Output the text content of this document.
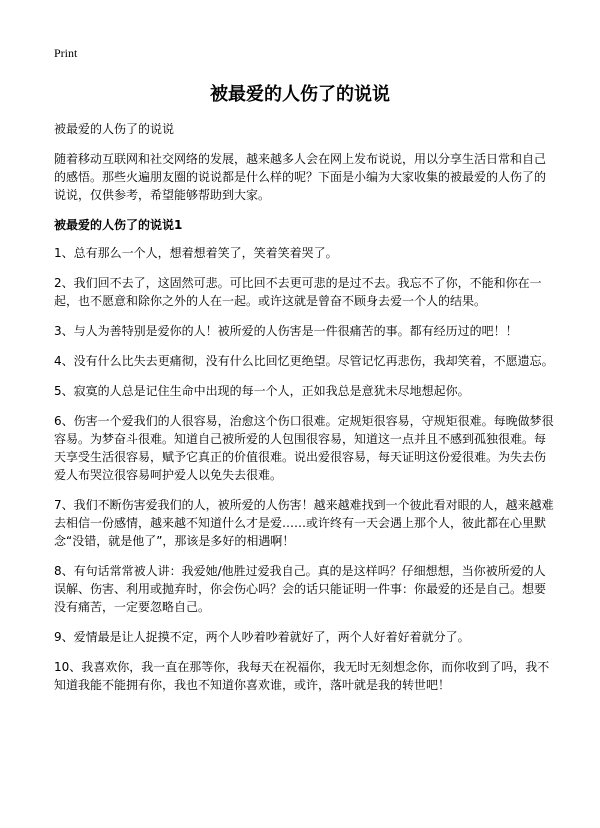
Print
被最爱的人伤了的说说

被最爱的人伤了的说说

随着移动互联网和社交网络的发展，越来越多人会在网上发布说说，用以分享生活日常和自己的感悟。那些火遍朋友圈的说说都是什么样的呢？下面是小编为大家收集的被最爱的人伤了的说说，仅供参考，希望能够帮助到大家。

被最爱的人伤了的说说1

1、总有那么一个人，想着想着笑了，笑着笑着哭了。

2、我们回不去了，这固然可悲。可比回不去更可悲的是过不去。我忘不了你，不能和你在一起，也不愿意和除你之外的人在一起。或许这就是曾奋不顾身去爱一个人的结果。

3、与人为善特别是爱你的人！被所爱的人伤害是一件很痛苦的事。都有经历过的吧！！

4、没有什么比失去更痛彻，没有什么比回忆更绝望。尽管记忆再悲伤，我却笑着，不愿遗忘。

5、寂寞的人总是记住生命中出现的每一个人，正如我总是意犹未尽地想起你。

6、伤害一个爱我们的人很容易，治愈这个伤口很难。定规矩很容易，守规矩很难。每晚做梦很容易。为梦奋斗很难。知道自己被所爱的人包围很容易，知道这一点并且不感到孤独很难。每天享受生活很容易，赋予它真正的价值很难。说出爱很容易，每天证明这份爱很难。为失去伤爱人布哭泣很容易呵护爱人以免失去很难。

7、我们不断伤害爱我们的人，被所爱的人伤害！越来越难找到一个彼此看对眼的人，越来越难去相信一份感情，越来越不知道什么才是爱……或许终有一天会遇上那个人，彼此都在心里默念“没错，就是他了”，那该是多好的相遇啊！

8、有句话常常被人讲：我爱她/他胜过爱我自己。真的是这样吗？仔细想想，当你被所爱的人误解、伤害、利用或抛弃时，你会伤心吗？会的话只能证明一件事：你最爱的还是自己。想要没有痛苦，一定要忽略自己。

9、爱情最是让人捉摸不定，两个人吵着吵着就好了，两个人好着好着就分了。

10、我喜欢你，我一直在那等你，我每天在祝福你，我无时无刻想念你，而你收到了吗，我不知道我能不能拥有你，我也不知道你喜欢谁，或许，落叶就是我的转世吧！
